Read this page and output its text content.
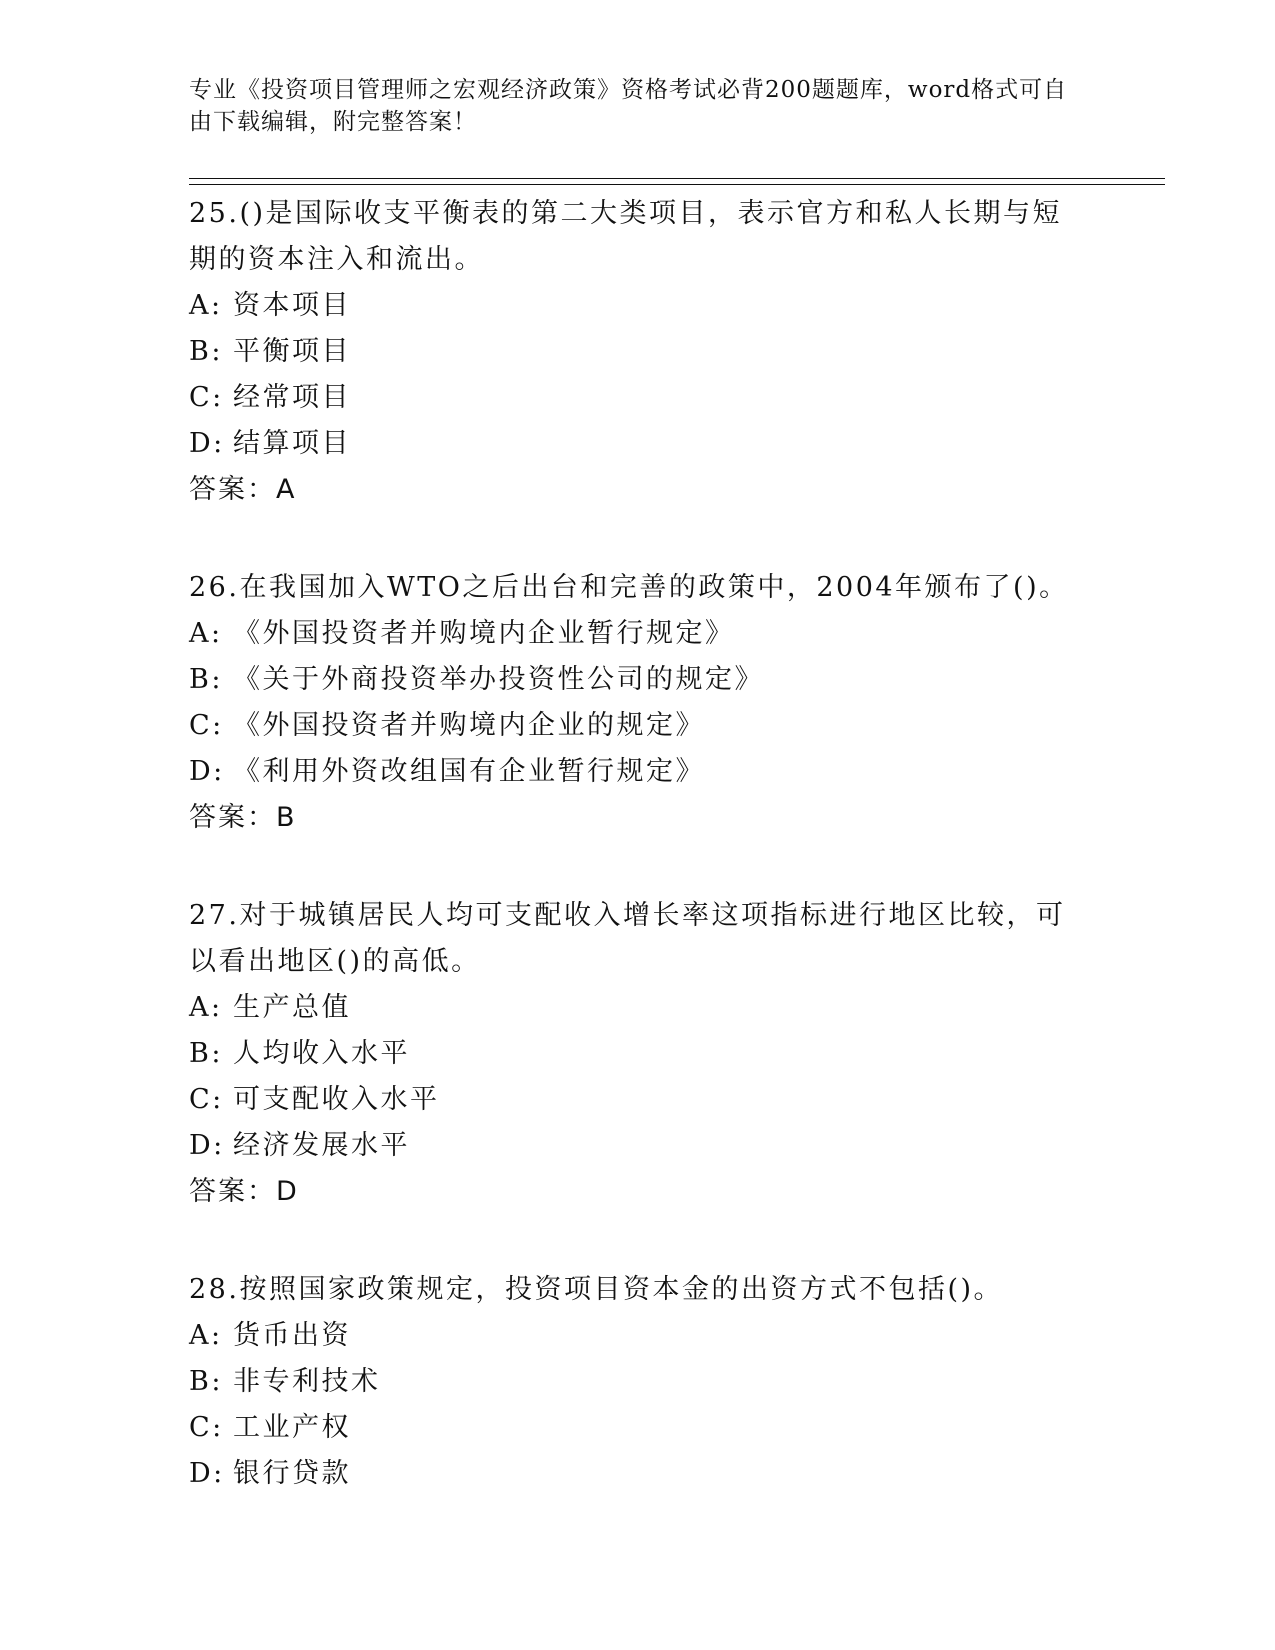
专业《投资项目管理师之宏观经济政策》资格考试必背200题题库，word格式可自由下载编辑，附完整答案！

25.()是国际收支平衡表的第二大类项目，表示官方和私人长期与短期的资本注入和流出。

A: 资本项目

B: 平衡项目

C: 经常项目

D: 结算项目

答案：A

26.在我国加入WTO之后出台和完善的政策中，2004年颁布了()。

A: 《外国投资者并购境内企业暂行规定》

B: 《关于外商投资举办投资性公司的规定》

C: 《外国投资者并购境内企业的规定》

D: 《利用外资改组国有企业暂行规定》

答案：B

27.对于城镇居民人均可支配收入增长率这项指标进行地区比较，可以看出地区()的高低。

A: 生产总值

B: 人均收入水平

C: 可支配收入水平

D: 经济发展水平

答案：D

28.按照国家政策规定，投资项目资本金的出资方式不包括()。

A: 货币出资

B: 非专利技术

C: 工业产权

D: 银行贷款
